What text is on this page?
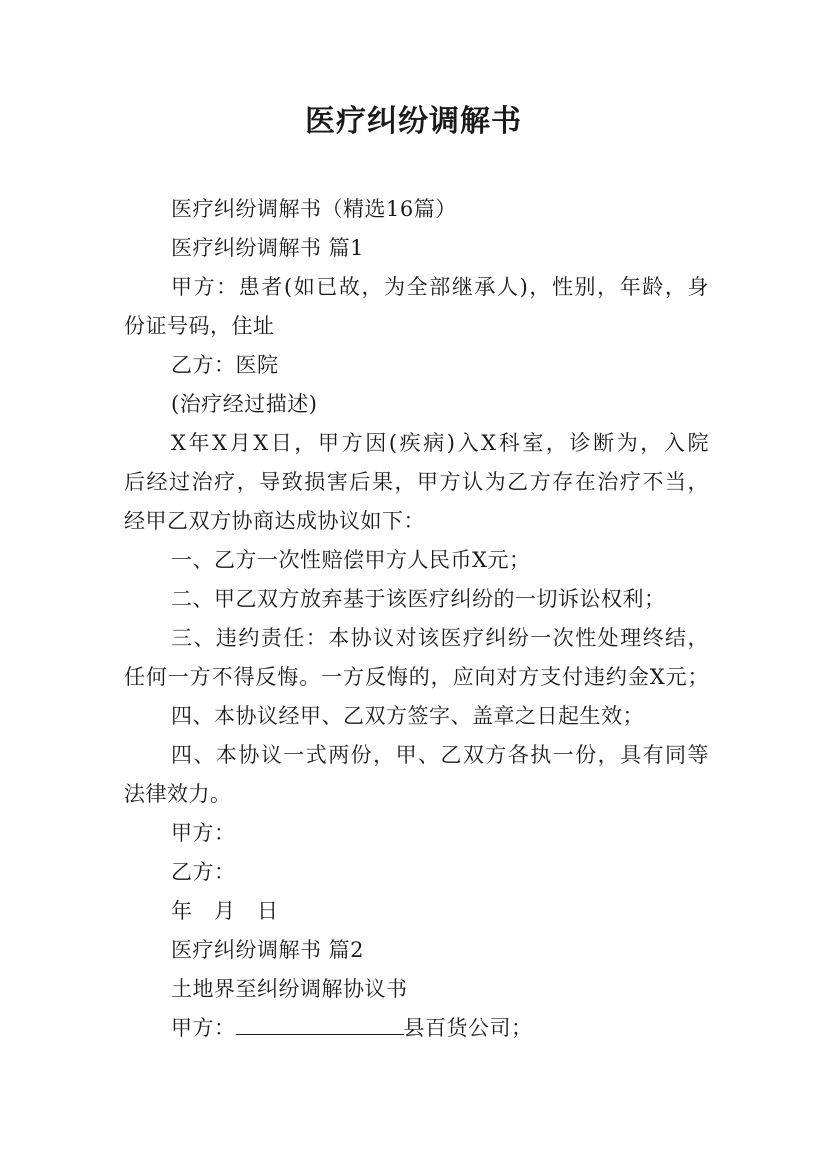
医疗纠纷调解书

医疗纠纷调解书（精选16篇）

医疗纠纷调解书 篇1

甲方：患者(如已故，为全部继承人)，性别，年龄，身

份证号码，住址

乙方：医院

(治疗经过描述)

X年X月X日，甲方因(疾病)入X科室，诊断为，入院

后经过治疗，导致损害后果，甲方认为乙方存在治疗不当，

经甲乙双方协商达成协议如下：

一、乙方一次性赔偿甲方人民币X元；

二、甲乙双方放弃基于该医疗纠纷的一切诉讼权利；

三、违约责任：本协议对该医疗纠纷一次性处理终结，

任何一方不得反悔。一方反悔的，应向对方支付违约金X元；

四、本协议经甲、乙双方签字、盖章之日起生效；

四、本协议一式两份，甲、乙双方各执一份，具有同等

法律效力。

甲方：

乙方：

年　月　日

医疗纠纷调解书 篇2

土地界至纠纷调解协议书

甲方：	县百货公司；
